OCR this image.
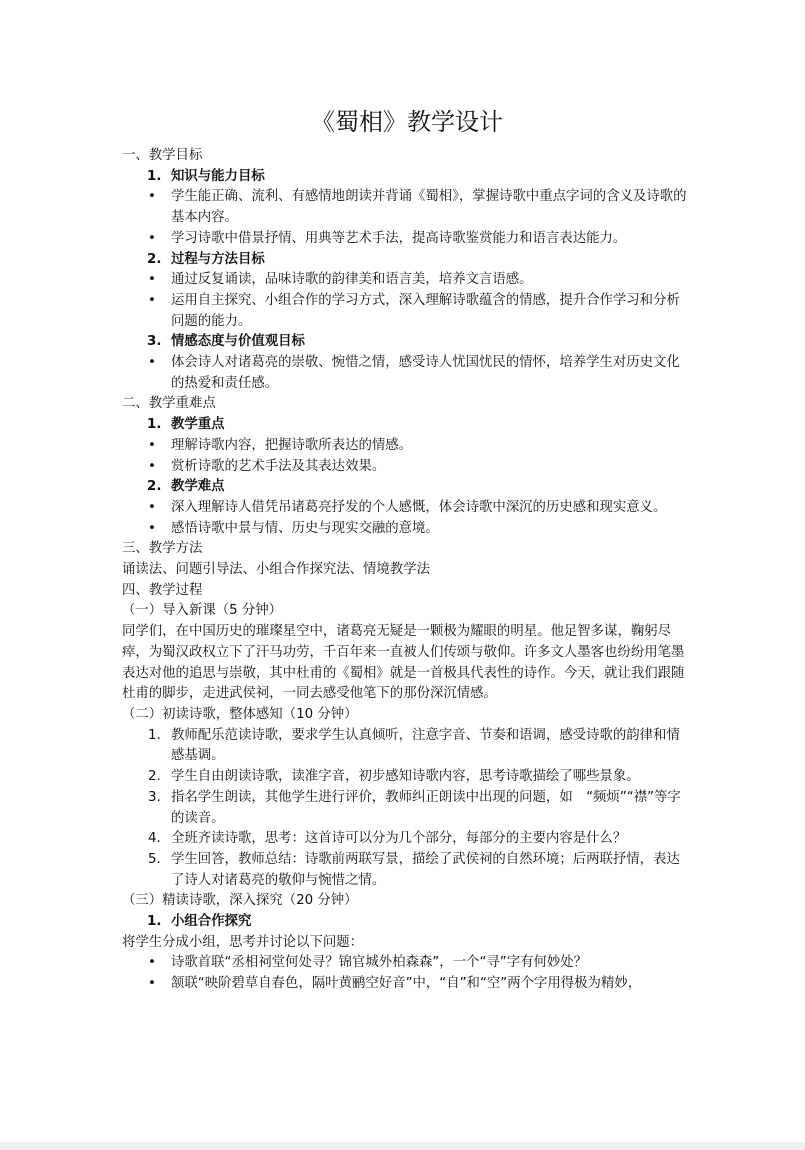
《蜀相》教学设计

一、教学目标

1. 知识与能力目标
• 学生能正确、流利、有感情地朗读并背诵《蜀相》，掌握诗歌中重点字词的含义及诗歌的基本内容。
• 学习诗歌中借景抒情、用典等艺术手法，提高诗歌鉴赏能力和语言表达能力。
2. 过程与方法目标
• 通过反复诵读，品味诗歌的韵律美和语言美，培养文言语感。
• 运用自主探究、小组合作的学习方式，深入理解诗歌蕴含的情感，提升合作学习和分析问题的能力。
3. 情感态度与价值观目标
• 体会诗人对诸葛亮的崇敬、惋惜之情，感受诗人忧国忧民的情怀，培养学生对历史文化的热爱和责任感。

二、教学重难点

1. 教学重点
• 理解诗歌内容，把握诗歌所表达的情感。
• 赏析诗歌的艺术手法及其表达效果。
2. 教学难点
• 深入理解诗人借凭吊诸葛亮抒发的个人感慨，体会诗歌中深沉的历史感和现实意义。
• 感悟诗歌中景与情、历史与现实交融的意境。

三、教学方法

诵读法、问题引导法、小组合作探究法、情境教学法

四、教学过程

（一）导入新课（5 分钟）

同学们，在中国历史的璀璨星空中，诸葛亮无疑是一颗极为耀眼的明星。他足智多谋，鞠躬尽瘁，为蜀汉政权立下了汗马功劳，千百年来一直被人们传颂与敬仰。许多文人墨客也纷纷用笔墨表达对他的追思与崇敬，其中杜甫的《蜀相》就是一首极具代表性的诗作。今天，就让我们跟随杜甫的脚步，走进武侯祠，一同去感受他笔下的那份深沉情感。

（二）初读诗歌，整体感知（10 分钟）

1. 教师配乐范读诗歌，要求学生认真倾听，注意字音、节奏和语调，感受诗歌的韵律和情感基调。
2. 学生自由朗读诗歌，读准字音，初步感知诗歌内容，思考诗歌描绘了哪些景象。
3. 指名学生朗读，其他学生进行评价，教师纠正朗读中出现的问题，如　“频烦”“襟”等字的读音。
4. 全班齐读诗歌，思考：这首诗可以分为几个部分，每部分的主要内容是什么？
5. 学生回答，教师总结：诗歌前两联写景，描绘了武侯祠的自然环境；后两联抒情，表达了诗人对诸葛亮的敬仰与惋惜之情。

（三）精读诗歌，深入探究（20 分钟）

1. 小组合作探究

将学生分成小组，思考并讨论以下问题：

• 诗歌首联“丞相祠堂何处寻？锦官城外柏森森”，一个“寻”字有何妙处？
• 颔联“映阶碧草自春色，隔叶黄鹂空好音”中，“自”和“空”两个字用得极为精妙，
